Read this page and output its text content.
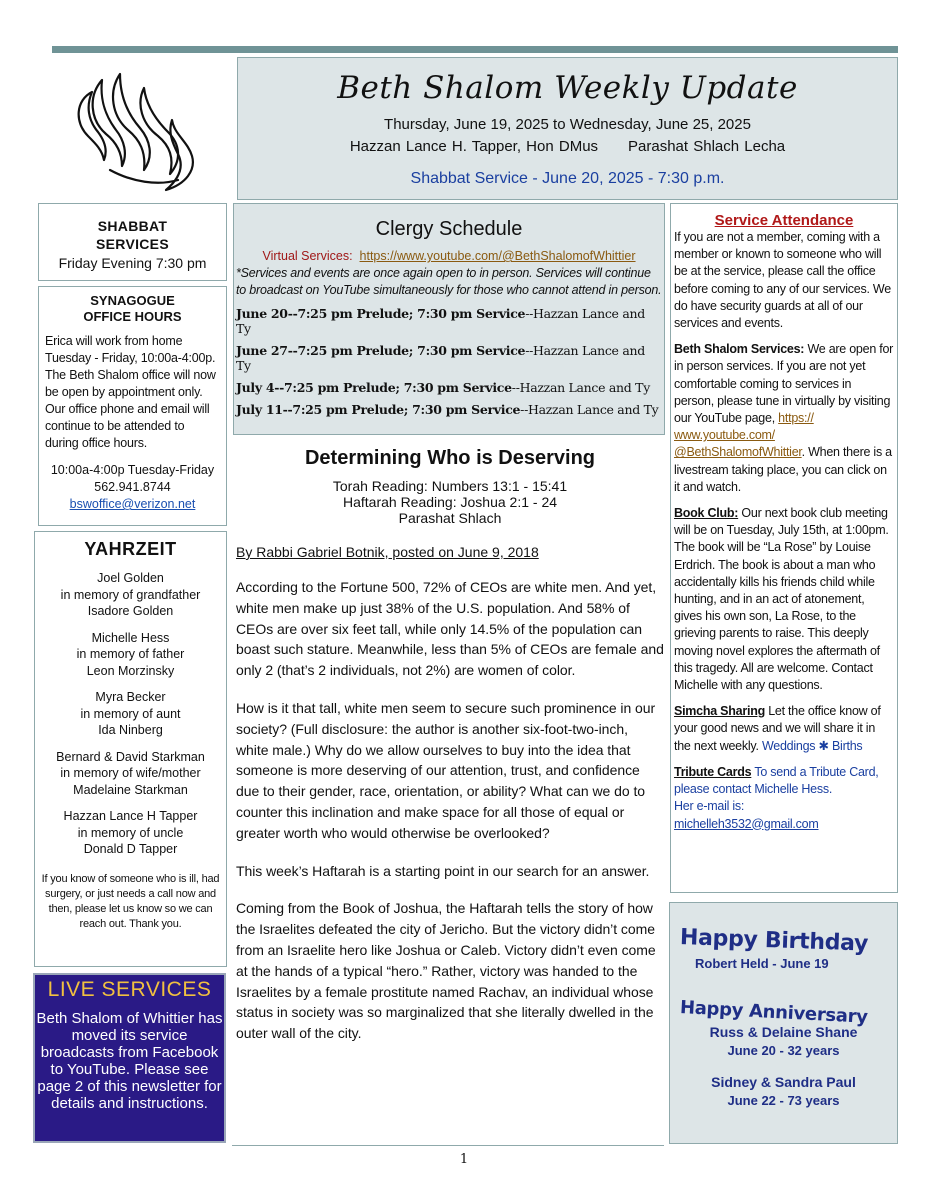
Beth Shalom Weekly Update
Thursday, June 19, 2025 to Wednesday, June 25, 2025
Hazzan Lance H. Tapper, Hon DMus Parashat Shlach Lecha
Shabbat Service - June 20, 2025 - 7:30 p.m.
SHABBAT
SERVICES
Friday Evening 7:30 pm
SYNAGOGUE
OFFICE HOURS
Erica will work from home Tuesday - Friday, 10:00a-4:00p. The Beth Shalom office will now be open by appointment only. Our office phone and email will continue to be attended to during office hours.
10:00a-4:00p Tuesday-Friday
562.941.8744
bswoffice@verizon.net
YAHRZEIT
Joel Golden
in memory of grandfather
Isadore Golden
Michelle Hess
in memory of father
Leon Morzinsky
Myra Becker
in memory of aunt
Ida Ninberg
Bernard & David Starkman
in memory of wife/mother
Madelaine Starkman
Hazzan Lance H Tapper
in memory of uncle
Donald D Tapper
If you know of someone who is ill, had surgery, or just needs a call now and then, please let us know so we can reach out. Thank you.
LIVE SERVICES
Beth Shalom of Whittier has moved its service broadcasts from Facebook to YouTube. Please see page 2 of this newsletter for details and instructions.
Clergy Schedule
Virtual Services: https://www.youtube.com/@BethShalomofWhittier
*Services and events are once again open to in person. Services will continue to broadcast on YouTube simultaneously for those who cannot attend in person.
June 20--7:25 pm Prelude; 7:30 pm Service--Hazzan Lance and Ty
June 27--7:25 pm Prelude; 7:30 pm Service--Hazzan Lance and Ty
July 4--7:25 pm Prelude; 7:30 pm Service--Hazzan Lance and Ty
July 11--7:25 pm Prelude; 7:30 pm Service--Hazzan Lance and Ty
Determining Who is Deserving
Torah Reading: Numbers 13:1 - 15:41
Haftarah Reading: Joshua 2:1 - 24
Parashat Shlach
By Rabbi Gabriel Botnik, posted on June 9, 2018
According to the Fortune 500, 72% of CEOs are white men. And yet, white men make up just 38% of the U.S. population. And 58% of CEOs are over six feet tall, while only 14.5% of the population can boast such stature. Meanwhile, less than 5% of CEOs are female and only 2 (that’s 2 individuals, not 2%) are women of color.
How is it that tall, white men seem to secure such prominence in our society? (Full disclosure: the author is another six-foot-two-inch, white male.) Why do we allow ourselves to buy into the idea that someone is more deserving of our attention, trust, and confidence due to their gender, race, orientation, or ability? What can we do to counter this inclination and make space for all those of equal or greater worth who would otherwise be overlooked?
This week’s Haftarah is a starting point in our search for an answer.
Coming from the Book of Joshua, the Haftarah tells the story of how the Israelites defeated the city of Jericho. But the victory didn’t come from an Israelite hero like Joshua or Caleb. Victory didn’t even come at the hands of a typical “hero.” Rather, victory was handed to the Israelites by a female prostitute named Rachav, an individual whose status in society was so marginalized that she literally dwelled in the outer wall of the city.
Service Attendance
If you are not a member, coming with a member or known to someone who will be at the service, please call the office before coming to any of our services. We do have security guards at all of our services and events.
Beth Shalom Services: We are open for in person services. If you are not yet comfortable coming to services in person, please tune in virtually by visiting our YouTube page, https:// www.youtube.com/ @BethShalomofWhittier. When there is a livestream taking place, you can click on it and watch.
Book Club: Our next book club meeting will be on Tuesday, July 15th, at 1:00pm. The book will be “La Rose” by Louise Erdrich. The book is about a man who accidentally kills his friends child while hunting, and in an act of atonement, gives his own son, La Rose, to the grieving parents to raise. This deeply moving novel explores the aftermath of this tragedy. All are welcome. Contact Michelle with any questions.
Simcha Sharing Let the office know of your good news and we will share it in the next weekly. Weddings ✱ Births
Tribute Cards To send a Tribute Card, please contact Michelle Hess.
Her e-mail is:
michelleh3532@gmail.com
Happy Birthday
Robert Held - June 19
Happy Anniversary
Russ & Delaine Shane
June 20 - 32 years
Sidney & Sandra Paul
June 22 - 73 years
1
